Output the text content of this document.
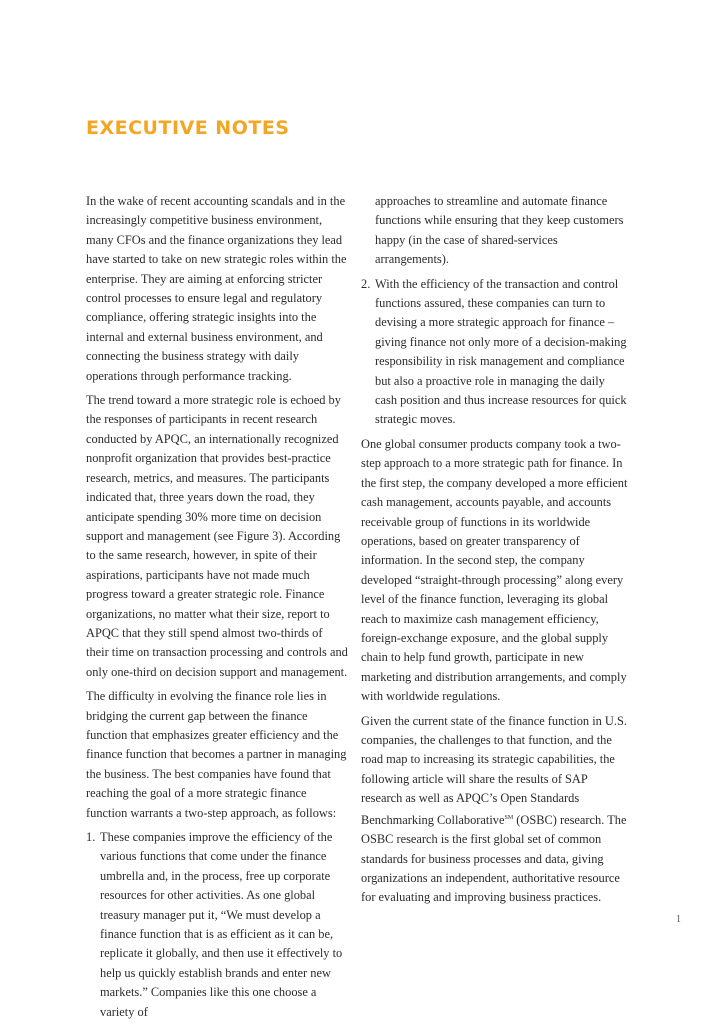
EXECUTIVE NOTES

In the wake of recent accounting scandals and in the increasingly competitive business environment, many CFOs and the finance organizations they lead have started to take on new strategic roles within the enterprise. They are aiming at enforcing stricter control processes to ensure legal and regulatory compliance, offering strategic insights into the internal and external business environment, and connecting the business strategy with daily operations through performance tracking.

The trend toward a more strategic role is echoed by the responses of participants in recent research conducted by APQC, an internationally recognized nonprofit organization that provides best-practice research, metrics, and measures. The participants indicated that, three years down the road, they anticipate spending 30% more time on decision support and management (see Figure 3). According to the same research, however, in spite of their aspirations, participants have not made much progress toward a greater strategic role. Finance organizations, no matter what their size, report to APQC that they still spend almost two-thirds of their time on transaction processing and controls and only one-third on decision support and management.

The difficulty in evolving the finance role lies in bridging the current gap between the finance function that emphasizes greater efficiency and the finance function that becomes a partner in managing the business. The best companies have found that reaching the goal of a more strategic finance function warrants a two-step approach, as follows:

1. These companies improve the efficiency of the various functions that come under the finance umbrella and, in the process, free up corporate resources for other activities. As one global treasury manager put it, “We must develop a finance function that is as efficient as it can be, replicate it globally, and then use it effectively to help us quickly establish brands and enter new markets.” Companies like this one choose a variety of

approaches to streamline and automate finance functions while ensuring that they keep customers happy (in the case of shared-services arrangements).

2. With the efficiency of the transaction and control functions assured, these companies can turn to devising a more strategic approach for finance – giving finance not only more of a decision-making responsibility in risk management and compliance but also a proactive role in managing the daily cash position and thus increase resources for quick strategic moves.

One global consumer products company took a two-step approach to a more strategic path for finance. In the first step, the company developed a more efficient cash management, accounts payable, and accounts receivable group of functions in its worldwide operations, based on greater transparency of information. In the second step, the company developed “straight-through processing” along every level of the finance function, leveraging its global reach to maximize cash management efficiency, foreign-exchange exposure, and the global supply chain to help fund growth, participate in new marketing and distribution arrangements, and comply with worldwide regulations.

Given the current state of the finance function in U.S. companies, the challenges to that function, and the road map to increasing its strategic capabilities, the following article will share the results of SAP research as well as APQC’s Open Standards Benchmarking Collaborative℠ (OSBC) research. The OSBC research is the first global set of common standards for business processes and data, giving organizations an independent, authoritative resource for evaluating and improving business practices.

1
